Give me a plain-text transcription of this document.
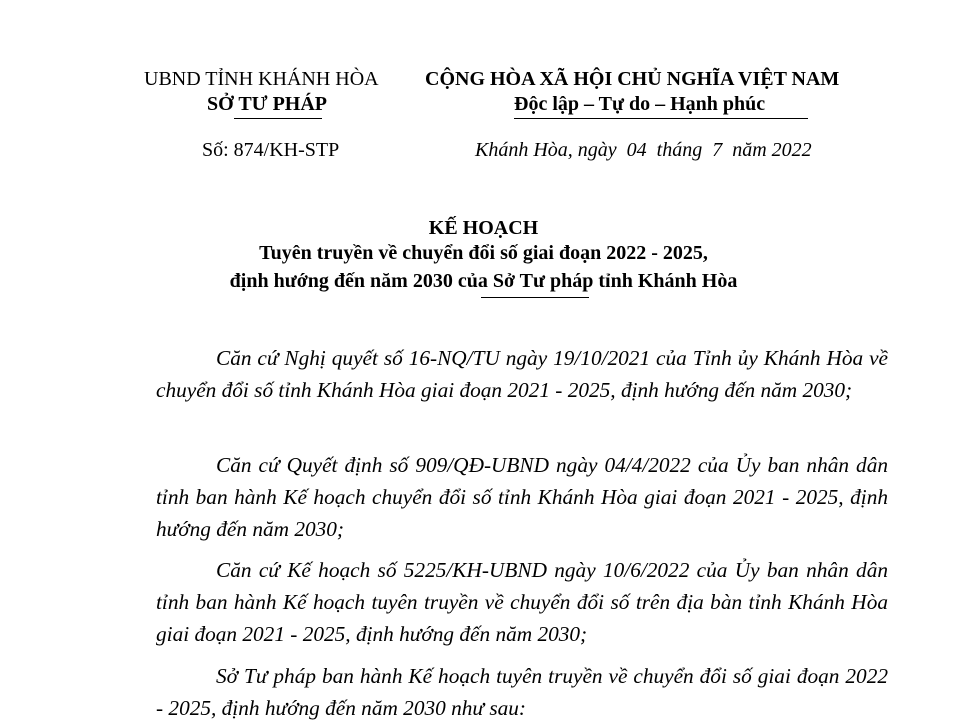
UBND TỈNH KHÁNH HÒA
SỞ TƯ PHÁP
CỘNG HÒA XÃ HỘI CHỦ NGHĨA VIỆT NAM
Độc lập – Tự do – Hạnh phúc
Số: 874/KH-STP	Khánh Hòa, ngày  04  tháng  7  năm 2022
KẾ HOẠCH
Tuyên truyền về chuyển đổi số giai đoạn 2022 - 2025,
định hướng đến năm 2030 của Sở Tư pháp tỉnh Khánh Hòa
Căn cứ Nghị quyết số 16-NQ/TU ngày 19/10/2021 của Tỉnh ủy Khánh Hòa về chuyển đổi số tỉnh Khánh Hòa giai đoạn 2021 - 2025, định hướng đến năm 2030;
Căn cứ Quyết định số 909/QĐ-UBND ngày 04/4/2022 của Ủy ban nhân dân tỉnh ban hành Kế hoạch chuyển đổi số tỉnh Khánh Hòa giai đoạn 2021 - 2025, định hướng đến năm 2030;
Căn cứ Kế hoạch số 5225/KH-UBND ngày 10/6/2022 của Ủy ban nhân dân tỉnh ban hành Kế hoạch tuyên truyền về chuyển đổi số trên địa bàn tỉnh Khánh Hòa giai đoạn 2021 - 2025, định hướng đến năm 2030;
Sở Tư pháp ban hành Kế hoạch tuyên truyền về chuyển đổi số giai đoạn 2022 - 2025, định hướng đến năm 2030 như sau:
